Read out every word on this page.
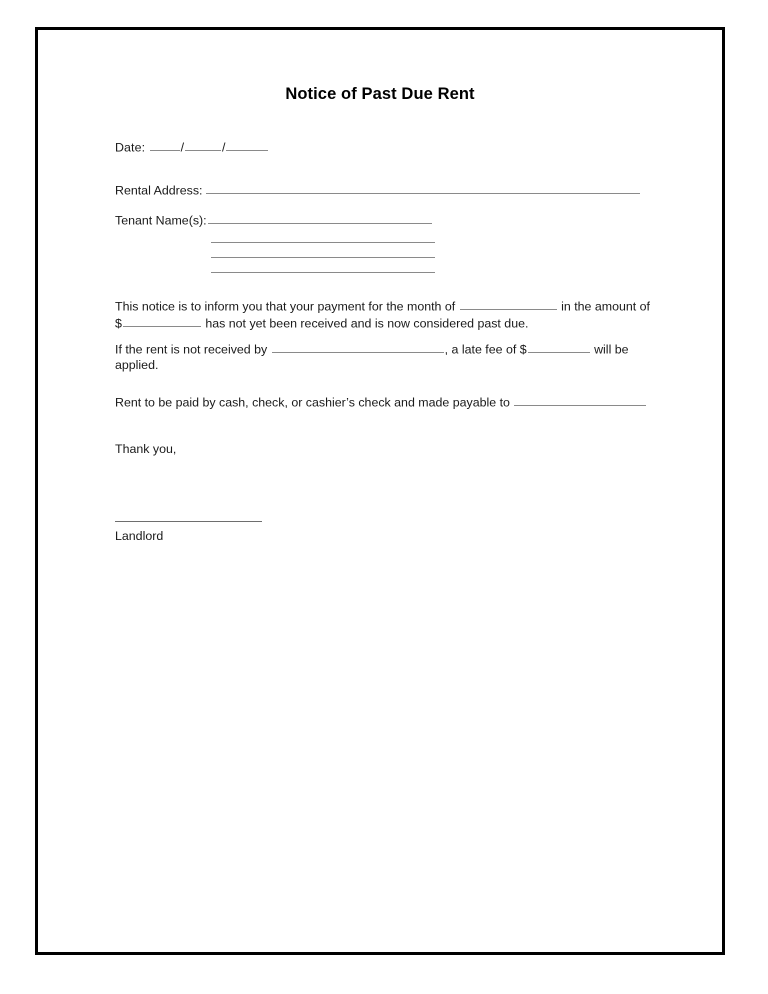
Notice of Past Due Rent
Date:	/	/
Rental Address:
Tenant Name(s):
This notice is to inform you that your payment for the month of	in the amount of $	has not yet been received and is now considered past due.
If the rent is not received by	, a late fee of $	will be applied.
Rent to be paid by cash, check, or cashier’s check and made payable to
Thank you,
Landlord
